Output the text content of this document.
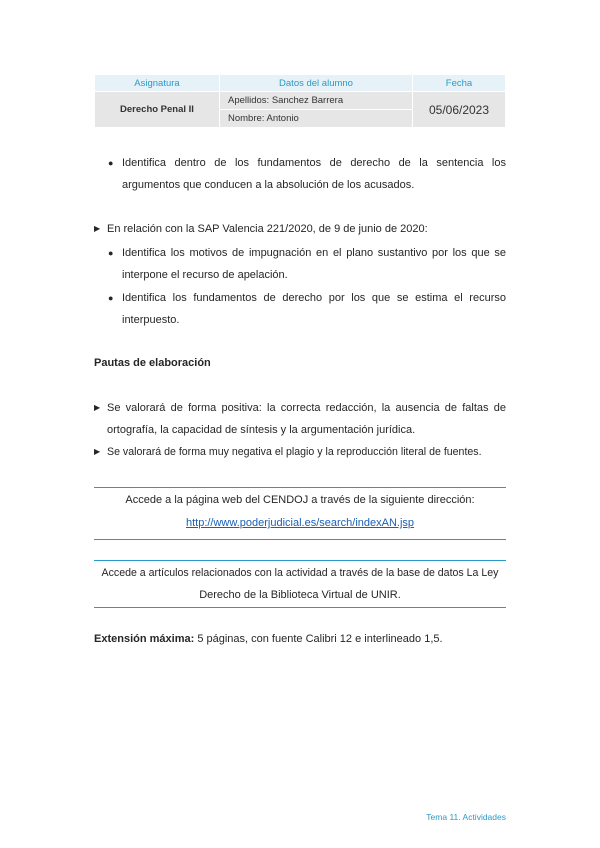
Asignatura	Datos del alumno	Fecha
Derecho Penal II	Apellidos: Sanchez Barrera	05/06/2023
	Nombre: Antonio	
● Identifica dentro de los fundamentos de derecho de la sentencia los
argumentos que conducen a la absolución de los acusados.
▶ En relación con la SAP Valencia 221/2020, de 9 de junio de 2020:
● Identifica los motivos de impugnación en el plano sustantivo por los que se
interpone el recurso de apelación.
● Identifica los fundamentos de derecho por los que se estima el recurso
interpuesto.
Pautas de elaboración
▶ Se valorará de forma positiva: la correcta redacción, la ausencia de faltas de
ortografía, la capacidad de síntesis y la argumentación jurídica.
▶ Se valorará de forma muy negativa el plagio y la reproducción literal de fuentes.
Accede a la página web del CENDOJ a través de la siguiente dirección:
http://www.poderjudicial.es/search/indexAN.jsp
Accede a artículos relacionados con la actividad a través de la base de datos La Ley
Derecho de la Biblioteca Virtual de UNIR.
Extensión máxima: 5 páginas, con fuente Calibri 12 e interlineado 1,5.
Tema 11. Actividades
